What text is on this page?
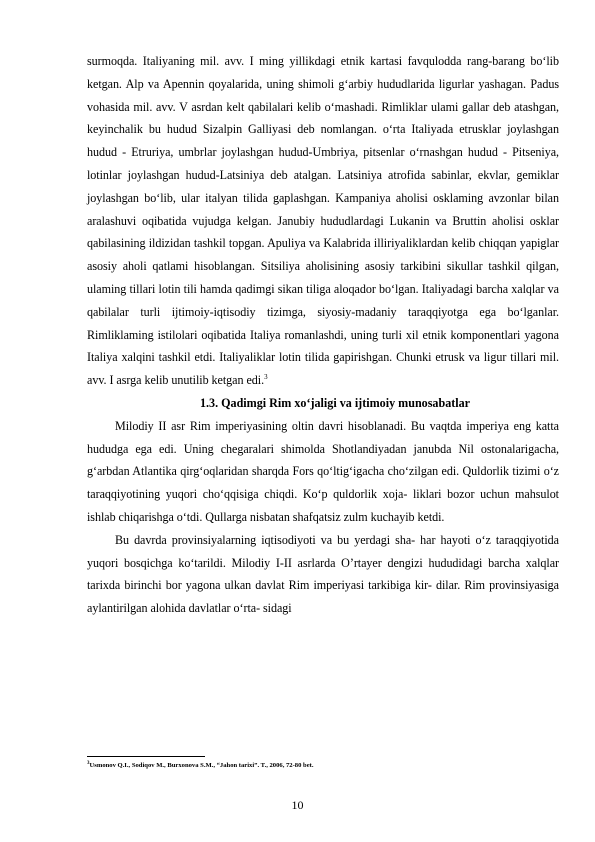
surmoqda. Italiyaning mil. avv. I ming yillikdagi etnik kartasi favqulodda rang-barang bo‘lib ketgan. Alp va Apennin qoyalarida, uning shimoli g‘arbiy hududlarida ligurlar yashagan. Padus vohasida mil. avv. V asrdan kelt qabilalari kelib o‘mashadi. Rimliklar ulami gallar deb atashgan, keyinchalik bu hudud Sizalpin Galliyasi deb nomlangan. o‘rta Italiyada etrusklar joylashgan hudud - Etruriya, umbrlar joylashgan hudud-Umbriya, pitsenlar o‘rnashgan hudud - Pitseniya, lotinlar joylashgan hudud-Latsiniya deb atalgan. Latsiniya atrofida sabinlar, ekvlar, gemiklar joylashgan bo‘lib, ular italyan tilida gaplashgan. Kampaniya aholisi osklaming avzonlar bilan aralashuvi oqibatida vujudga kelgan. Janubiy hududlardagi Lukanin va Bruttin aholisi osklar qabilasining ildizidan tashkil topgan. Apuliya va Kalabrida illiriyaliklardan kelib chiqqan yapiglar asosiy aholi qatlami hisoblangan. Sitsiliya aholisining asosiy tarkibini sikullar tashkil qilgan, ulaming tillari lotin tili hamda qadimgi sikan tiliga aloqador bo‘lgan. Italiyadagi barcha xalqlar va qabilalar turli ijtimoiy-iqtisodiy tizimga, siyosiy-madaniy taraqqiyotga ega bo‘lganlar. Rimliklaming istilolari oqibatida Italiya romanlashdi, uning turli xil etnik komponentlari yagona Italiya xalqini tashkil etdi. Italiyaliklar lotin tilida gapirishgan. Chunki etrusk va ligur tillari mil. avv. I asrga kelib unutilib ketgan edi.$^3$

1.3. Qadimgi Rim xo‘jaligi va ijtimoiy munosabatlar

Milodiy II asr Rim imperiyasining oltin davri hisoblanadi. Bu vaqtda imperiya eng katta hududga ega edi. Uning chegaralari shimolda Shotlandiyadan janubda Nil ostonalarigacha, g‘arbdan Atlantika qirg‘oqlaridan sharqda Fors qo‘ltig‘igacha cho‘zilgan edi. Quldorlik tizimi o‘z taraqqiyotining yuqori cho‘qqisiga chiqdi. Ko‘p quldorlik xoja- liklari bozor uchun mahsulot ishlab chiqarishga o‘tdi. Qullarga nisbatan shafqatsiz zulm kuchayib ketdi.

Bu davrda provinsiyalarning iqtisodiyoti va bu yerdagi sha- har hayoti o‘z taraqqiyotida yuqori bosqichga ko‘tarildi. Milodiy I-II asrlarda O’rtayer dengizi hududidagi barcha xalqlar tarixda birinchi bor yagona ulkan davlat Rim imperiyasi tarkibiga kir- dilar. Rim provinsiyasiga aylantirilgan alohida davlatlar o‘rta- sidagi

$^3$Usmonov Q.I., Sodiqov M., Burxonova S.M., “Jahon tarixi”. T., 2006, 72-80 bet.
10
